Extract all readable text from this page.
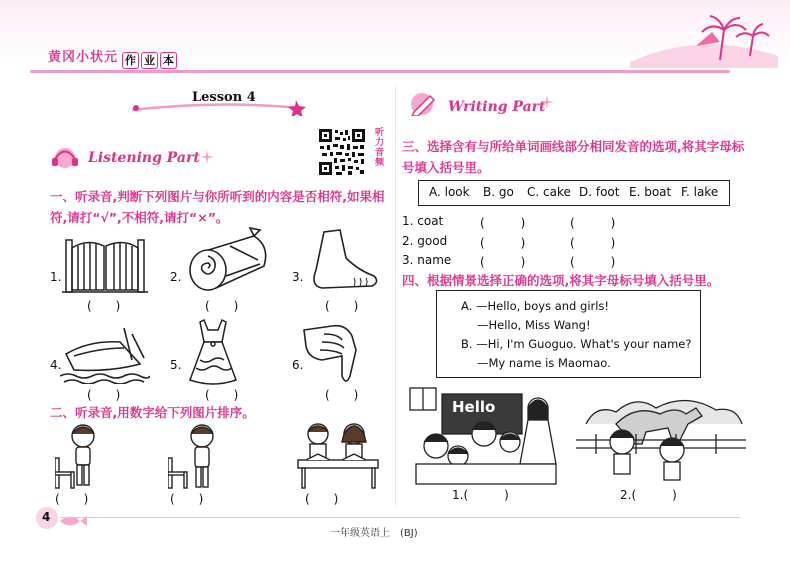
黄冈小状元 作 业 本
Lesson 4
Listening Part
听力音频
一、听录音,判断下列图片与你所听到的内容是否相符,如果相符,请打“√”,不相符,请打“×”。
1.
(　　)
2.
(　　)
3.
(　　)
4.
(　　)
5.
(　　)
6.
(　　)
二、听录音,用数字给下列图片排序。
(　　)	(　　)	(　　)
Writing Part
三、选择含有与所给单词画线部分相同发音的选项,将其字母标号填入括号里。
A. look B. go C. cake D. foot E. boat F. lake
1. coat	(　　　)	(　　　)
2. good	(　　　)	(　　　)
3. name (　　　)	(　　　)
四、根据情景选择正确的选项,将其字母标号填入括号里。
A. —Hello, boys and girls!
—Hello, Miss Wang!
B. —Hi, I'm Guoguo. What's your name?
—My name is Maomao.
Hello
1.(　　　)	2.(　　　)
4
一年级英语上　(BJ)
